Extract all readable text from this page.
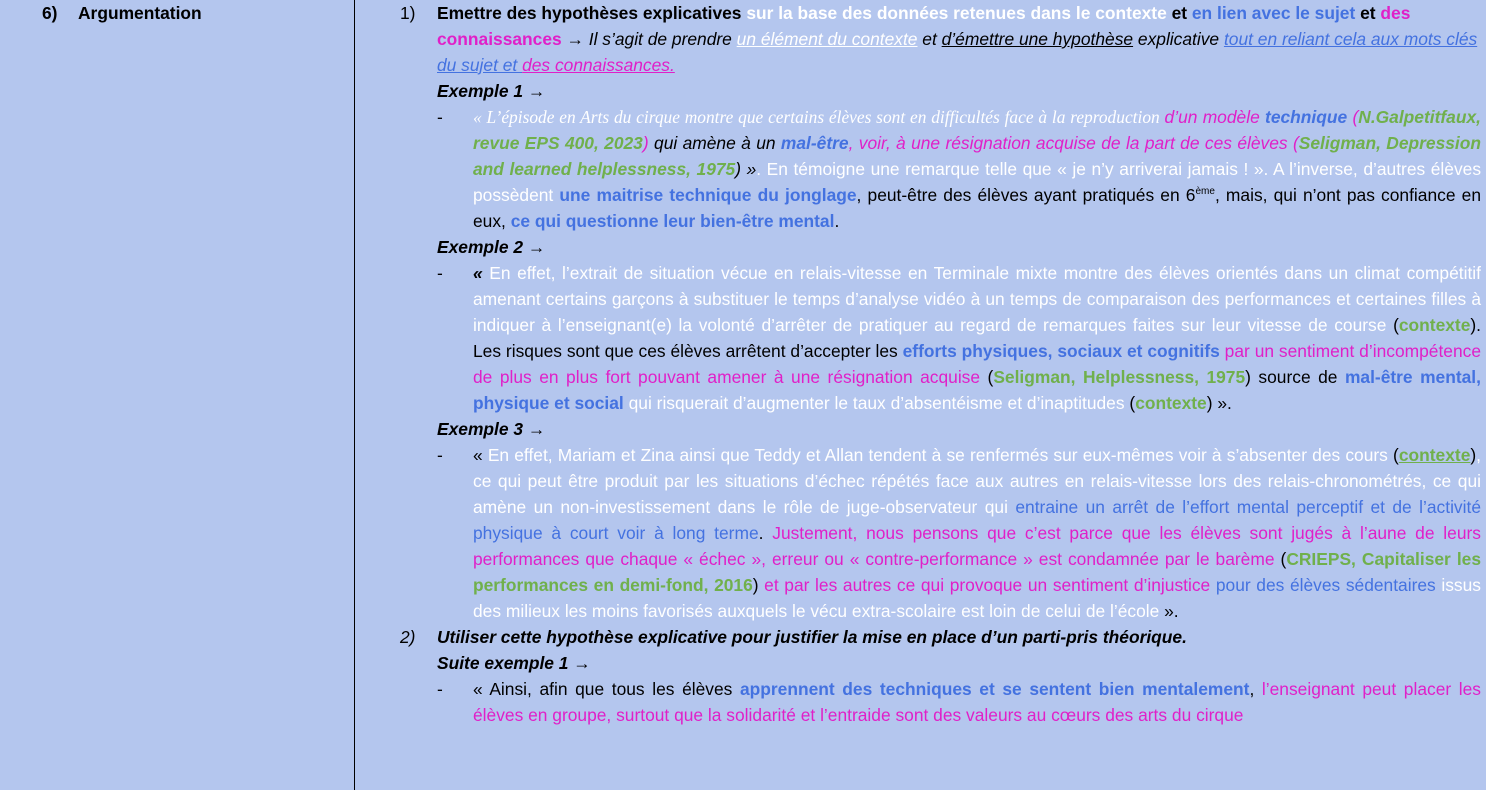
6) Argumentation	1) Emettre des hypothèses explicatives sur la base des données retenues dans le contexte et en lien avec le sujet et des connaissances → Il s’agit de prendre un élément du contexte et d’émettre une hypothèse explicative tout en reliant cela aux mots clés du sujet et des connaissances.
Exemple 1 →
- « L’épisode en Arts du cirque montre que certains élèves sont en difficultés face à la reproduction d’un modèle technique (N.Galpetitfaux, revue EPS 400, 2023) qui amène à un mal-être, voir, à une résignation acquise de la part de ces élèves (Seligman, Depression and learned helplessness, 1975) ». En témoigne une remarque telle que « je n’y arriverai jamais ! ». A l’inverse, d’autres élèves possèdent une maitrise technique du jonglage, peut-être des élèves ayant pratiqués en 6ème, mais, qui n’ont pas confiance en eux, ce qui questionne leur bien-être mental.
Exemple 2 →
- « En effet, l’extrait de situation vécue en relais-vitesse en Terminale mixte montre des élèves orientés dans un climat compétitif amenant certains garçons à substituer le temps d’analyse vidéo à un temps de comparaison des performances et certaines filles à indiquer à l’enseignant(e) la volonté d’arrêter de pratiquer au regard de remarques faites sur leur vitesse de course (contexte). Les risques sont que ces élèves arrêtent d’accepter les efforts physiques, sociaux et cognitifs par un sentiment d’incompétence de plus en plus fort pouvant amener à une résignation acquise (Seligman, Helplessness, 1975) source de mal-être mental, physique et social qui risquerait d’augmenter le taux d’absentéisme et d’inaptitudes (contexte) ».
Exemple 3 →
- « En effet, Mariam et Zina ainsi que Teddy et Allan tendent à se renfermés sur eux-mêmes voir à s’absenter des cours (contexte), ce qui peut être produit par les situations d’échec répétés face aux autres en relais-vitesse lors des relais-chronométrés, ce qui amène un non-investissement dans le rôle de juge-observateur qui entraine un arrêt de l’effort mental perceptif et de l’activité physique à court voir à long terme. Justement, nous pensons que c’est parce que les élèves sont jugés à l’aune de leurs performances que chaque « échec », erreur ou « contre-performance » est condamnée par le barème (CRIEPS, Capitaliser les performances en demi-fond, 2016) et par les autres ce qui provoque un sentiment d’injustice pour des élèves sédentaires issus des milieux les moins favorisés auxquels le vécu extra-scolaire est loin de celui de l’école ».
2) Utiliser cette hypothèse explicative pour justifier la mise en place d’un parti-pris théorique.
Suite exemple 1 →
- « Ainsi, afin que tous les élèves apprennent des techniques et se sentent bien mentalement, l’enseignant peut placer les élèves en groupe, surtout que la solidarité et l’entraide sont des valeurs au cœurs des arts du cirque
